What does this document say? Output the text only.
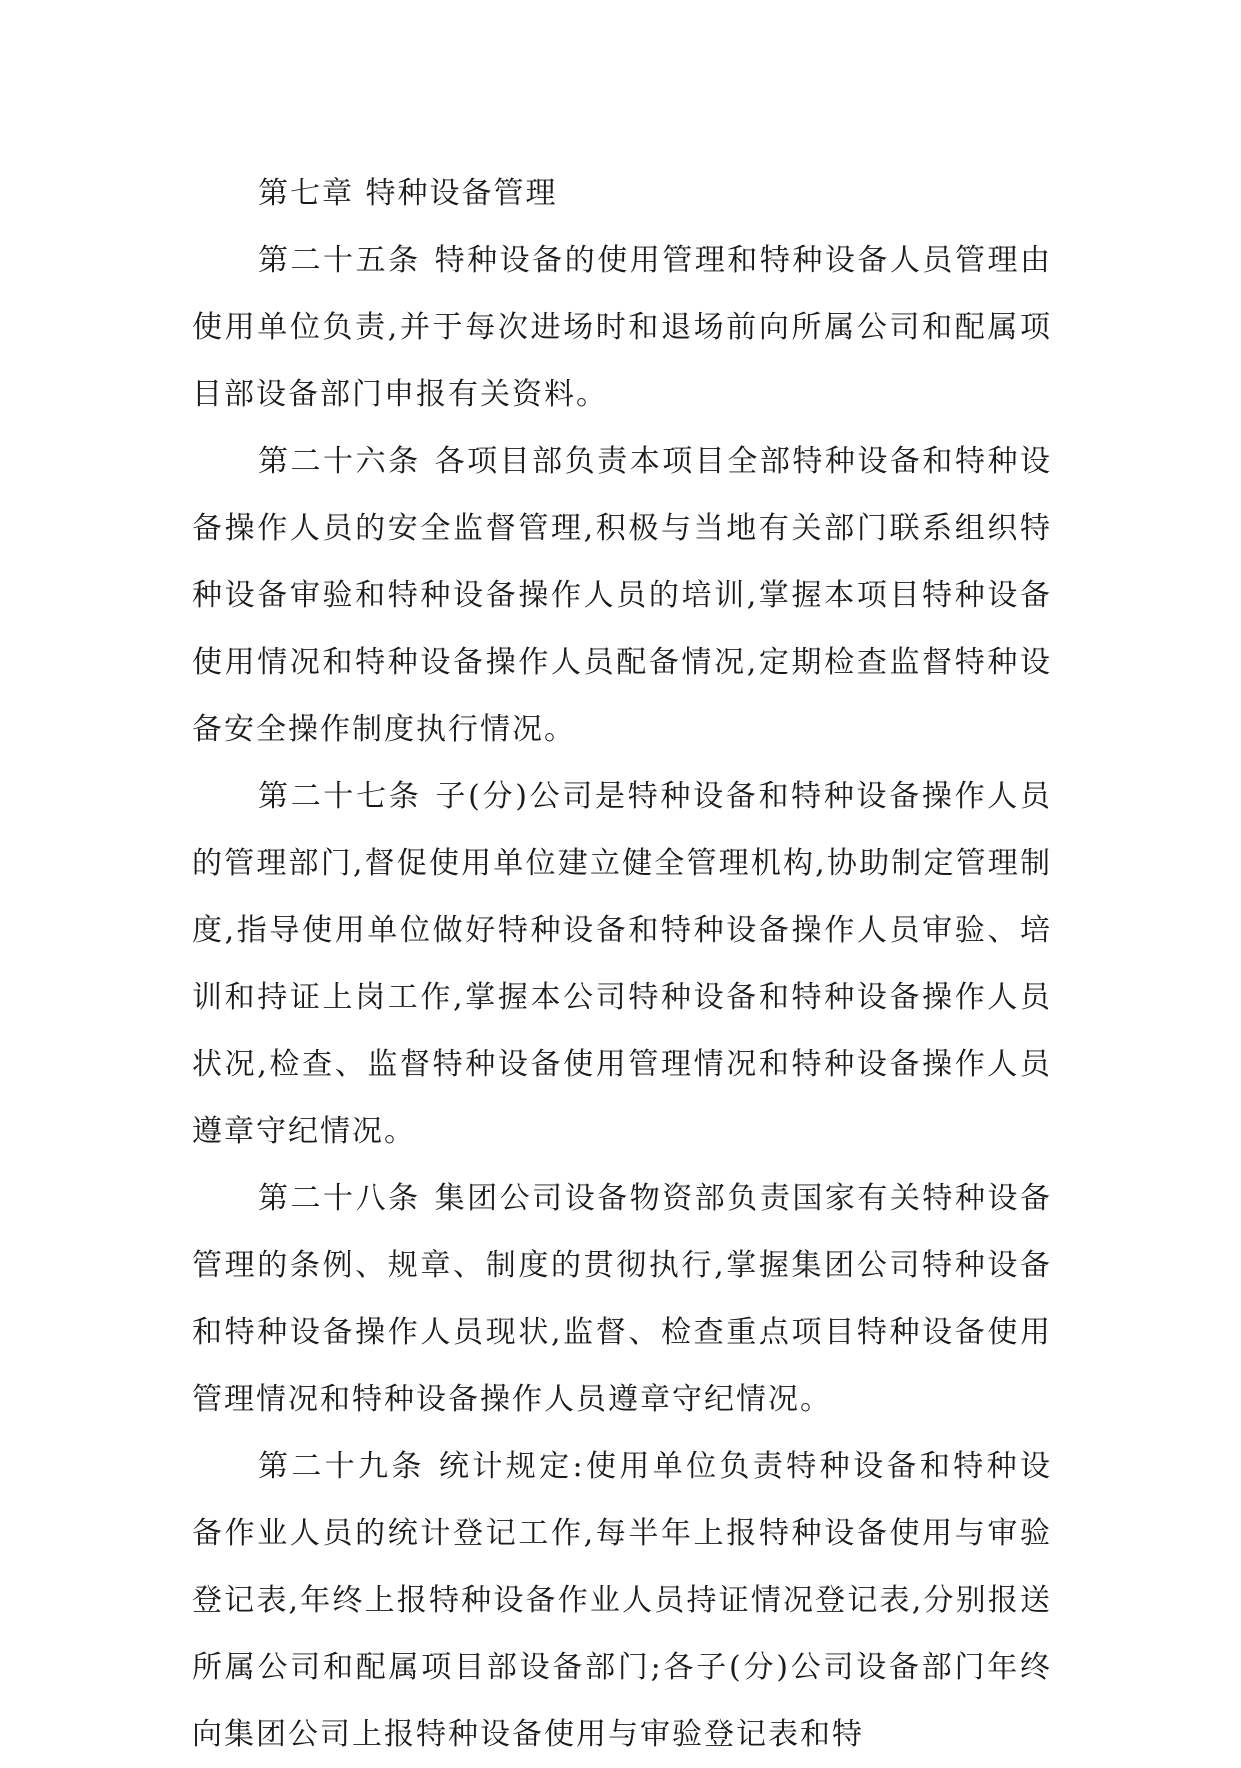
第七章 特种设备管理

第二十五条 特种设备的使用管理和特种设备人员管理由使用单位负责,并于每次进场时和退场前向所属公司和配属项目部设备部门申报有关资料。

第二十六条 各项目部负责本项目全部特种设备和特种设备操作人员的安全监督管理,积极与当地有关部门联系组织特种设备审验和特种设备操作人员的培训,掌握本项目特种设备使用情况和特种设备操作人员配备情况,定期检查监督特种设备安全操作制度执行情况。

第二十七条 子(分)公司是特种设备和特种设备操作人员的管理部门,督促使用单位建立健全管理机构,协助制定管理制度,指导使用单位做好特种设备和特种设备操作人员审验、培训和持证上岗工作,掌握本公司特种设备和特种设备操作人员状况,检查、监督特种设备使用管理情况和特种设备操作人员遵章守纪情况。

第二十八条 集团公司设备物资部负责国家有关特种设备管理的条例、规章、制度的贯彻执行,掌握集团公司特种设备和特种设备操作人员现状,监督、检查重点项目特种设备使用管理情况和特种设备操作人员遵章守纪情况。

第二十九条 统计规定:使用单位负责特种设备和特种设备作业人员的统计登记工作,每半年上报特种设备使用与审验登记表,年终上报特种设备作业人员持证情况登记表,分别报送所属公司和配属项目部设备部门;各子(分)公司设备部门年终向集团公司上报特种设备使用与审验登记表和特
